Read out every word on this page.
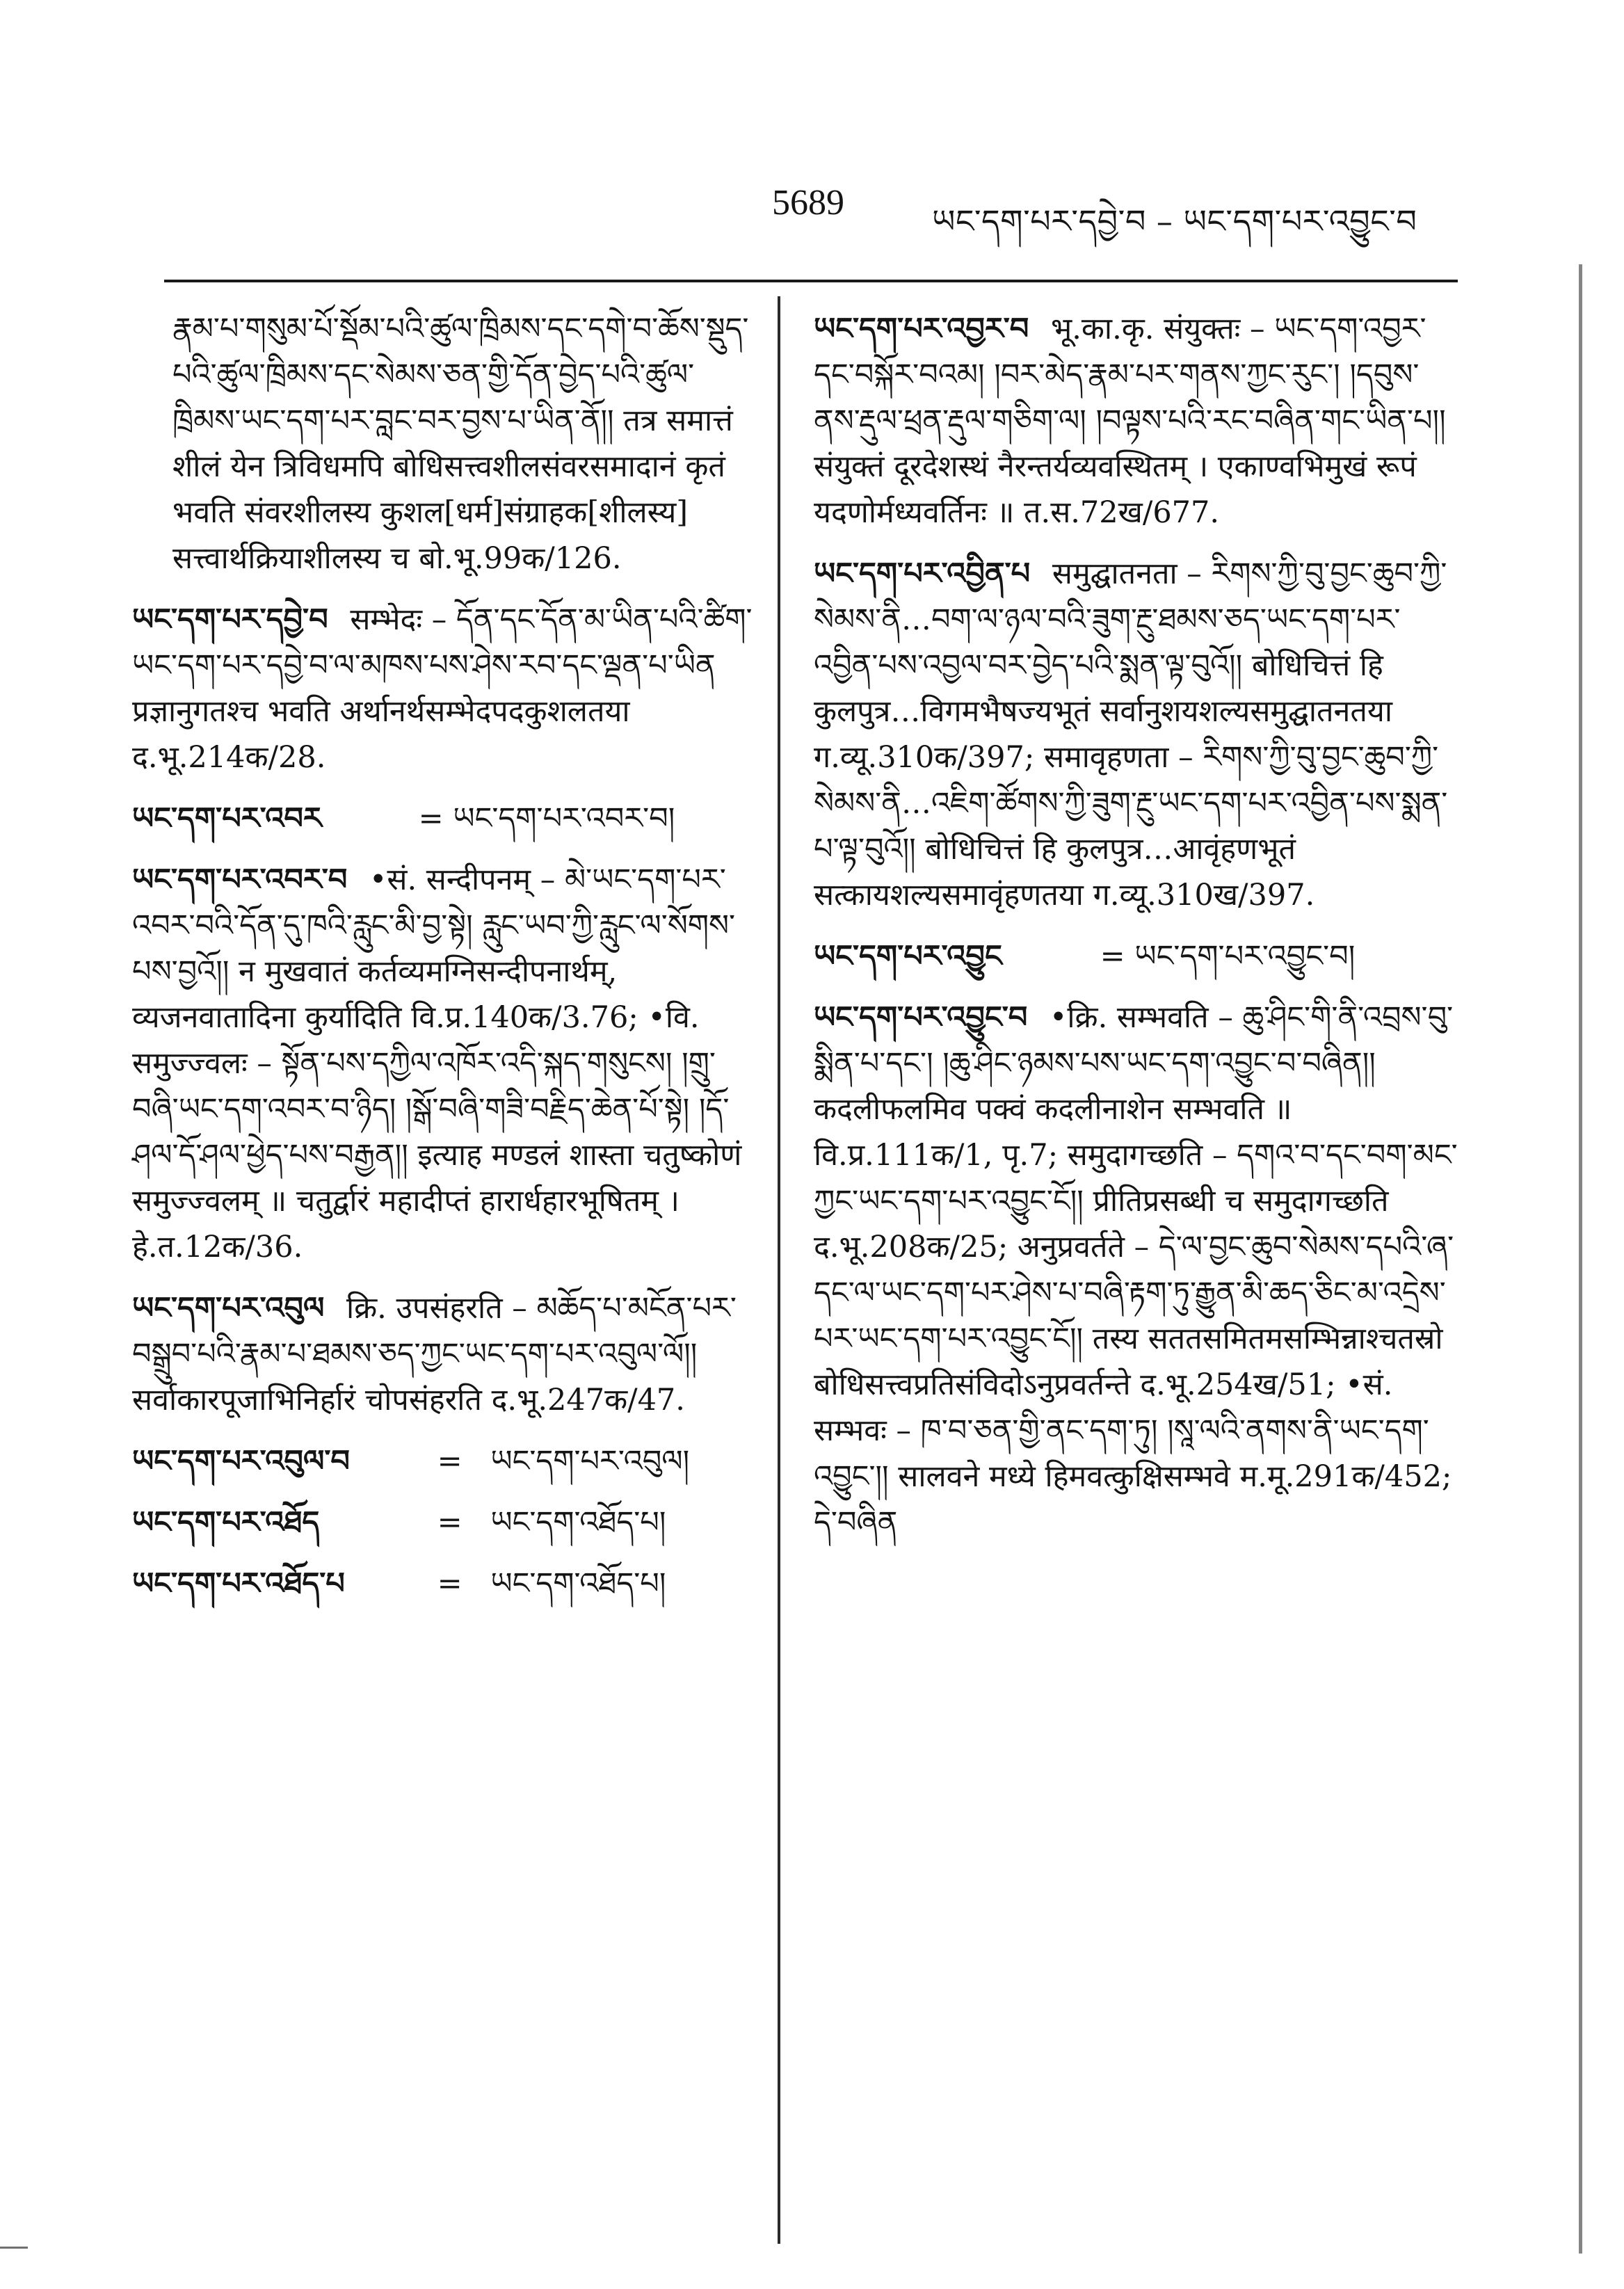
5689	ཡང་དག་པར་དབྱེ་བ – ཡང་དག་པར་འབྱུང་བ
རྣམ་པ་གསུམ་པོ་སྡོམ་པའི་ཚུལ་ཁྲིམས་དང་དགེ་བ་ཆོས་སྡུད་པའི་ཚུལ་ཁྲིམས་དང་སེམས་ཅན་གྱི་དོན་བྱེད་པའི་ཚུལ་ཁྲིམས་ཡང་དག་པར་བླང་བར་བྱས་པ་ཡིན་ནོ།། तत्र समात्तं शीलं येन त्रिविधमपि बोधिसत्त्वशीलसंवरसमादानं कृतं भवति संवरशीलस्य कुशल[धर्म]संग्राहक[शीलस्य] सत्त्वार्थक्रियाशीलस्य च बो.भू.99क/126.
ཡང་དག་པར་དབྱེ་བ सम्भेदः – དོན་དང་དོན་མ་ཡིན་པའི་ཚིག་ཡང་དག་པར་དབྱེ་བ་ལ་མཁས་པས་ཤེས་རབ་དང་ལྡན་པ་ཡིན प्रज्ञानुगतश्च भवति अर्थानर्थसम्भेदपदकुशलतया द.भू.214क/28.
ཡང་དག་པར་འབར	= ཡང་དག་པར་འབར་བ།
ཡང་དག་པར་འབར་བ •सं. सन्दीपनम् – མེ་ཡང་དག་པར་འབར་བའི་དོན་དུ་ཁའི་རླུང་མི་བྱ་སྟེ། རླུང་ཡབ་ཀྱི་རླུང་ལ་སོགས་པས་བྱའོ།། न मुखवातं कर्तव्यमग्निसन्दीपनार्थम्, व्यजनवातादिना कुर्यादिति वि.प्र.140क/3.76; •वि. समुज्ज्वलः – སྟོན་པས་དཀྱིལ་འཁོར་འདི་སྐད་གསུངས། །གྲུ་བཞི་ཡང་དག་འབར་བ་ཉིད། །སྒོ་བཞི་གཟི་བརྗིད་ཆེན་པོ་སྟེ། །དོ་ཤལ་དོ་ཤལ་ཕྱེད་པས་བརྒྱན།། इत्याह मण्डलं शास्ता चतुष्कोणं समुज्ज्वलम् ॥ चतुर्द्वारं महादीप्तं हारार्धहारभूषितम् । हे.त.12क/36.
ཡང་དག་པར་འབུལ क्रि. उपसंहरति – མཆོད་པ་མངོན་པར་བསྒྲུབ་པའི་རྣམ་པ་ཐམས་ཅད་ཀྱང་ཡང་དག་པར་འབུལ་ལོ།། सर्वाकारपूजाभिनिर्हारं चोपसंहरति द.भू.247क/47.
ཡང་དག་པར་འབུལ་བ	= ཡང་དག་པར་འབུལ།
ཡང་དག་པར་འཐོད	= ཡང་དག་འཐོད་པ།
ཡང་དག་པར་འཐོད་པ	= ཡང་དག་འཐོད་པ།
ཡང་དག་པར་འབྱར་བ भू.का.कृ. संयुक्तः – ཡང་དག་འབྱར་དང་བསྐོར་བའམ། །བར་མེད་རྣམ་པར་གནས་ཀྱང་རུང་། །དབུས་ནས་རྡུལ་ཕྲན་རྡུལ་གཅིག་ལ། །བལྟས་པའི་རང་བཞིན་གང་ཡིན་པ།། संयुक्तं दूरदेशस्थं नैरन्तर्यव्यवस्थितम् । एकाण्वभिमुखं रूपं यदणोर्मध्यवर्तिनः ॥ त.स.72ख/677.
ཡང་དག་པར་འབྱིན་པ समुद्घातनता – རིགས་ཀྱི་བུ་བྱང་ཆུབ་ཀྱི་སེམས་ནི…བག་ལ་ཉལ་བའི་ཟུག་རྔུ་ཐམས་ཅད་ཡང་དག་པར་འབྱིན་པས་འབྱལ་བར་བྱེད་པའི་སྨན་ལྟ་བུའོ།། बोधिचित्तं हि कुलपुत्र…विगमभैषज्यभूतं सर्वानुशयशल्यसमुद्घातनतया ग.व्यू.310क/397; समावृहणता – རིགས་ཀྱི་བུ་བྱང་ཆུབ་ཀྱི་སེམས་ནི…འཇིག་ཚོགས་ཀྱི་ཟུག་རྔུ་ཡང་དག་པར་འབྱིན་པས་སྨན་པ་ལྟ་བུའོ།། बोधिचित्तं हि कुलपुत्र…आवृंहणभूतं सत्कायशल्यसमावृंहणतया ग.व्यू.310ख/397.
ཡང་དག་པར་འབྱུང	= ཡང་དག་པར་འབྱུང་བ།
ཡང་དག་པར་འབྱུང་བ •क्रि. सम्भवति – ཆུ་ཤིང་གི་ནི་འབྲས་བུ་སྨིན་པ་དང་། །ཆུ་ཤིང་ཉམས་པས་ཡང་དག་འབྱུང་བ་བཞིན།། कदलीफलमिव पक्वं कदलीनाशेन सम्भवति ॥ वि.प्र.111क/1, पृ.7; समुदागच्छति – དགའ་བ་དང་བག་མང་ཀྱང་ཡང་དག་པར་འབྱུང་ངོ།། प्रीतिप्रसब्धी च समुदागच्छति द.भू.208क/25; अनुप्रवर्तते – དེ་ལ་བྱང་ཆུབ་སེམས་དཔའི་ཞ་དང་ལ་ཡང་དག་པར་ཤེས་པ་བཞི་རྟག་ཏུ་རྒྱུན་མི་ཆད་ཅིང་མ་འདྲེས་པར་ཡང་དག་པར་འབྱུང་ངོ།། तस्य सततसमितमसम्भिन्नाश्चतस्रो बोधिसत्त्वप्रतिसंविदोऽनुप्रवर्तन्ते द.भू.254ख/51; •सं. सम्भवः – ཁ་བ་ཅན་གྱི་ནང་དག་ཏུ། །སཱ་ལའི་ནགས་ནི་ཡང་དག་འབྱུང་།། सालवने मध्ये हिमवत्कुक्षिसम्भवे म.मू.291क/452; དེ་བཞིན
